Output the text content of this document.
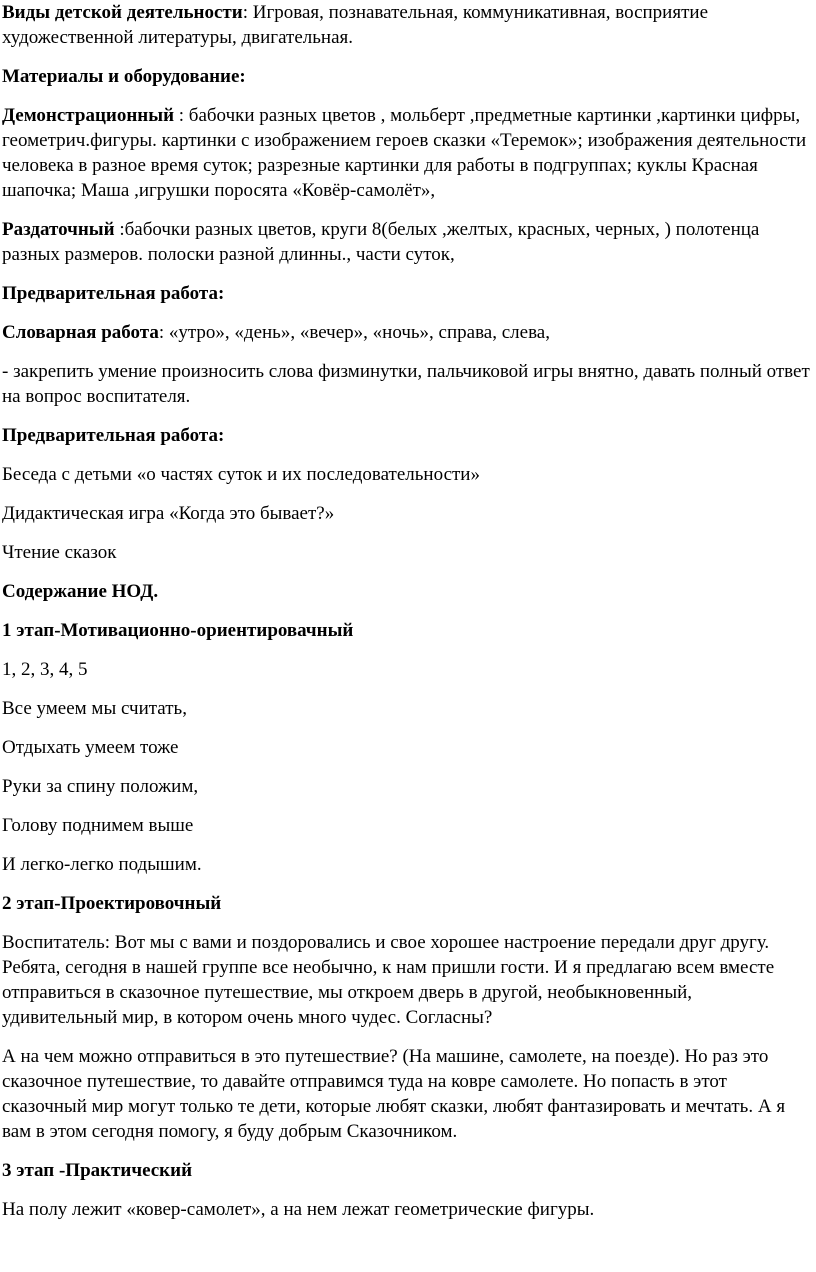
Виды детской деятельности: Игровая, познавательная, коммуникативная, восприятие художественной литературы, двигательная.

Материалы и оборудование:

Демонстрационный : бабочки разных цветов , мольберт ,предметные картинки ,картинки цифры, геометрич.фигуры. картинки с изображением героев сказки «Теремок»; изображения деятельности человека в разное время суток; разрезные картинки для работы в подгруппах; куклы Красная шапочка; Маша ,игрушки поросята «Ковёр-самолёт»,

Раздаточный :бабочки разных цветов, круги 8(белых ,желтых, красных, черных, ) полотенца разных размеров. полоски разной длинны., части суток,

Предварительная работа:

Словарная работа: «утро», «день», «вечер», «ночь», справа, слева,

- закрепить умение произносить слова физминутки, пальчиковой игры внятно, давать полный ответ на вопрос воспитателя.

Предварительная работа:

Беседа с детьми «о частях суток и их последовательности»

Дидактическая игра «Когда это бывает?»

Чтение сказок

Содержание НОД.

1 этап-Мотивационно-ориентировачный

1, 2, 3, 4, 5

Все умеем мы считать,

Отдыхать умеем тоже

Руки за спину положим,

Голову поднимем выше

И легко-легко подышим.

2 этап-Проектировочный

Воспитатель: Вот мы с вами и поздоровались и свое хорошее настроение передали друг другу. Ребята, сегодня в нашей группе все необычно, к нам пришли гости. И я предлагаю всем вместе отправиться в сказочное путешествие, мы откроем дверь в другой, необыкновенный, удивительный мир, в котором очень много чудес. Согласны?

А на чем можно отправиться в это путешествие? (На машине, самолете, на поезде). Но раз это сказочное путешествие, то давайте отправимся туда на ковре самолете. Но попасть в этот сказочный мир могут только те дети, которые любят сказки, любят фантазировать и мечтать. А я вам в этом сегодня помогу, я буду добрым Сказочником.

3 этап -Практический

На полу лежит «ковер-самолет», а на нем лежат геометрические фигуры.
